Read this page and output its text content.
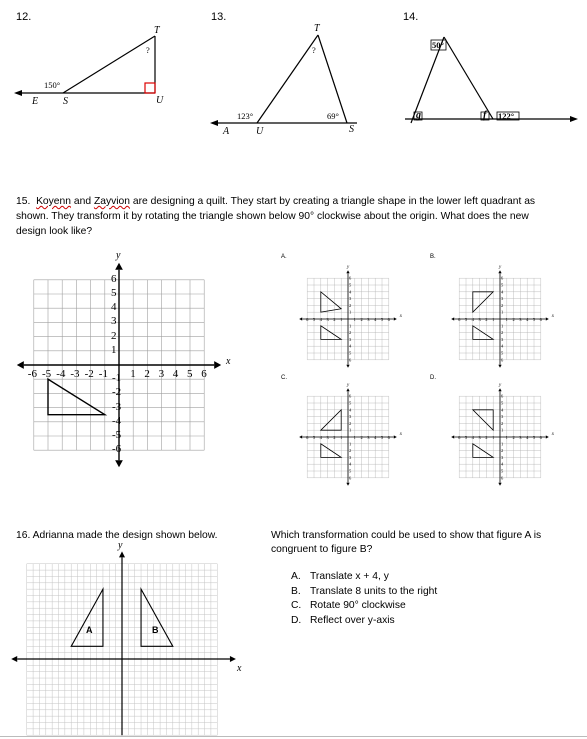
12.	13.	14.
150°
?
T
E S	U
123°	69°
?
T
A	U	S
50°
122°
g	f
15. Koyenn and Zayvion are designing a quilt. They start by creating a triangle shape in the lower left quadrant as
shown. They transform it by rotating the triangle shown below 90° clockwise about the origin. What does the new
design look like?
y
x
1
1
2
2
3
3
4
4
5
5
6
6
-6 -5 -4 -3 -2 -1 -1
-2
-3
-4
-5
-6
A.	B.
C.	D.
6
6
5
5
4
4
3
3
2
2
1
1
1
1
2
2
3
3
4
4
5
5
6
6
x
y
6
6
5
5
4
4
3
3
2
2
1
1
1
1
2
2
3
3
4
4
5
5
6
6
x
y
6
6
5
5
4
4
3
3
2
2
1
1
1
1
2
2
3
3
4
4
5
5
6
6
x
y
6
6
5
5
4
4
3
3
2
2
1
1
1
1
2
2
3
3
4
4
5
5
6
6
x
y
16. Adrianna made the design shown below.	Which transformation could be used to show that figure A is
congruent to figure B?
A. Translate x + 4, y
B. Translate 8 units to the right
C. Rotate 90° clockwise
D. Reflect over y-axis
y
x
A	B
